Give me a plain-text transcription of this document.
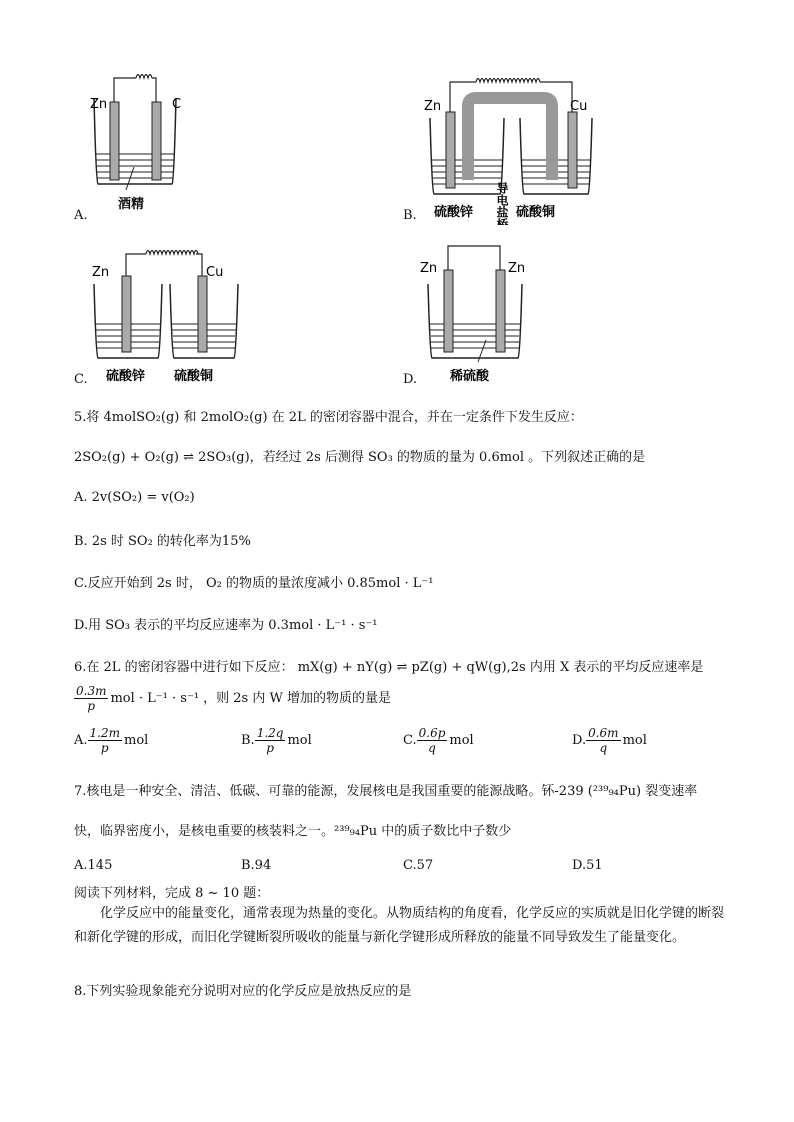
Zn	C
酒精
A.
Zn	Cu
导电盐桥
硫酸锌	硫酸铜
B.
Zn	Cu
硫酸锌 硫酸铜
C.
Zn	Zn
稀硫酸
D.
5.将 4molSO₂(g) 和 2molO₂(g) 在 2L 的密闭容器中混合，并在一定条件下发生反应：
2SO₂(g) + O₂(g) ⇌ 2SO₃(g)，若经过 2s 后测得 SO₃ 的物质的量为 0.6mol 。下列叙述正确的是
A. 2v(SO₂) = v(O₂)
B. 2s 时 SO₂ 的转化率为15%
C.反应开始到 2s 时， O₂ 的物质的量浓度减小 0.85mol · L⁻¹
D.用 SO₃ 表示的平均反应速率为 0.3mol · L⁻¹ · s⁻¹
6.在 2L 的密闭容器中进行如下反应： mX(g) + nY(g) ⇌ pZ(g) + qW(g),2s 内用 X 表示的平均反应速率是
$\frac{0.3m}{p}$ mol · L⁻¹ · s⁻¹ ，则 2s 内 W 增加的物质的量是
A. $\frac{1.2m}{p}$ mol	B. $\frac{1.2q}{p}$ mol	C. $\frac{0.6p}{q}$ mol	D. $\frac{0.6m}{q}$ mol
7.核电是一种安全、清洁、低碳、可靠的能源，发展核电是我国重要的能源战略。钚-239 (²³⁹₉₄Pu) 裂变速率
快，临界密度小，是核电重要的核装料之一。²³⁹₉₄Pu 中的质子数比中子数少
A.145	B.94	C.57	D.51
阅读下列材料，完成 8 ~ 10 题：
化学反应中的能量变化，通常表现为热量的变化。从物质结构的角度看，化学反应的实质就是旧化学键的断裂和新化学键的形成，而旧化学键断裂所吸收的能量与新化学键形成所释放的能量不同导致发生了能量变化。
8.下列实验现象能充分说明对应的化学反应是放热反应的是
